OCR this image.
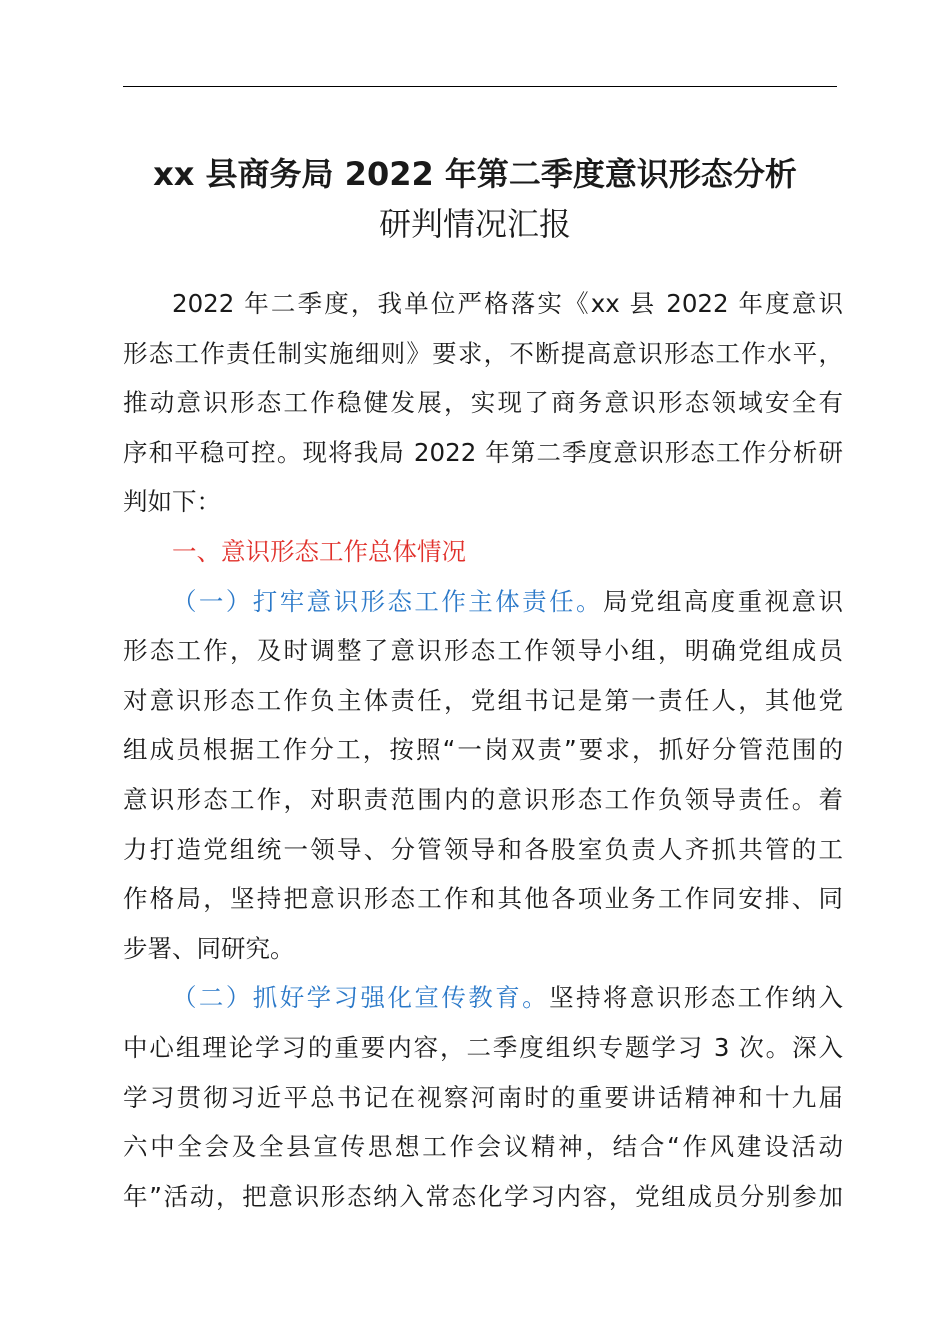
xx 县商务局 2022 年第二季度意识形态分析
研判情况汇报
2022 年二季度，我单位严格落实《xx 县 2022 年度意识
形态工作责任制实施细则》要求，不断提高意识形态工作水平，
推动意识形态工作稳健发展，实现了商务意识形态领域安全有
序和平稳可控。现将我局 2022 年第二季度意识形态工作分析研
判如下：
一、意识形态工作总体情况
（一）打牢意识形态工作主体责任。局党组高度重视意识
形态工作，及时调整了意识形态工作领导小组，明确党组成员
对意识形态工作负主体责任，党组书记是第一责任人，其他党
组成员根据工作分工，按照“一岗双责”要求，抓好分管范围的
意识形态工作，对职责范围内的意识形态工作负领导责任。着
力打造党组统一领导、分管领导和各股室负责人齐抓共管的工
作格局，坚持把意识形态工作和其他各项业务工作同安排、同
步署、同研究。
（二）抓好学习强化宣传教育。坚持将意识形态工作纳入
中心组理论学习的重要内容，二季度组织专题学习 3 次。深入
学习贯彻习近平总书记在视察河南时的重要讲话精神和十九届
六中全会及全县宣传思想工作会议精神，结合“作风建设活动
年”活动，把意识形态纳入常态化学习内容，党组成员分别参加
